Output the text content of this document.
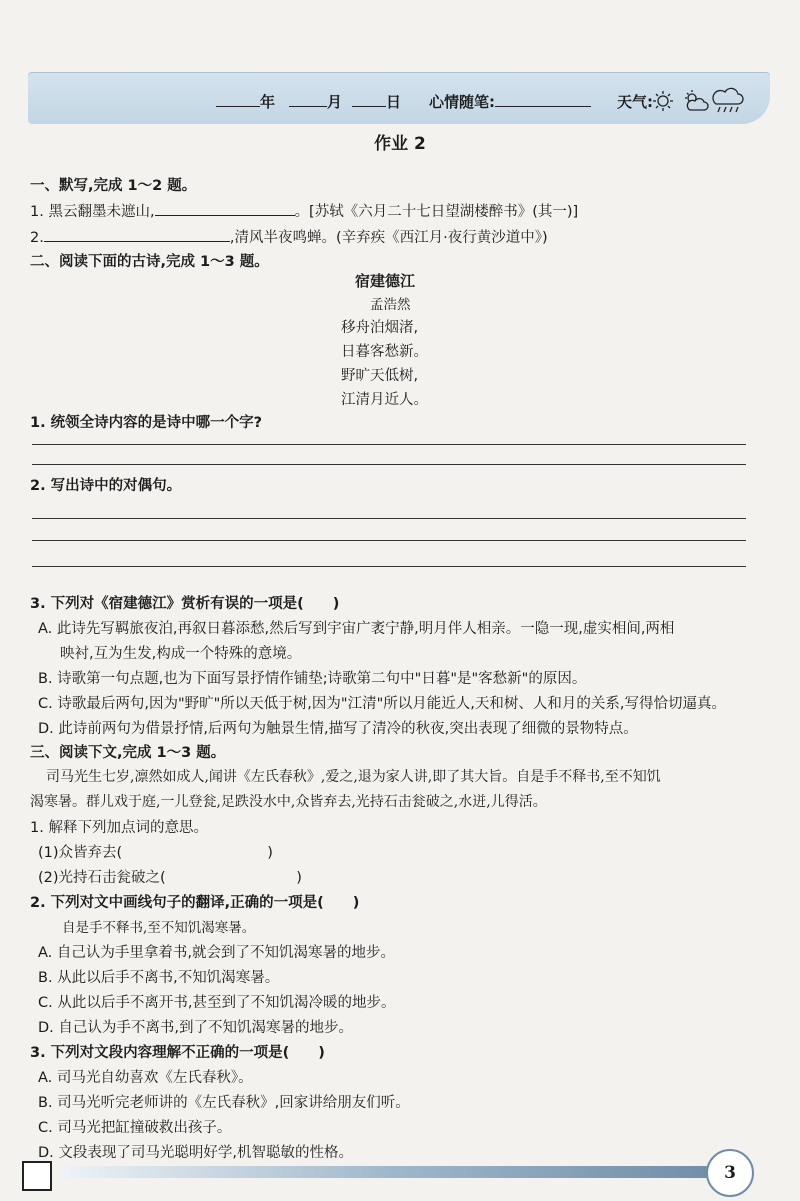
年	月	日 心情随笔:	天气:
作业 2
一、默写,完成 1～2 题。
1. 黑云翻墨未遮山,	。[苏轼《六月二十七日望湖楼醉书》(其一)]
2.	,清风半夜鸣蝉。(辛弃疾《西江月·夜行黄沙道中》)
二、阅读下面的古诗,完成 1～3 题。
宿建德江
孟浩然
移舟泊烟渚,
日暮客愁新。
野旷天低树,
江清月近人。
1. 统领全诗内容的是诗中哪一个字?
2. 写出诗中的对偶句。
3. 下列对《宿建德江》赏析有误的一项是(　　)
A. 此诗先写羁旅夜泊,再叙日暮添愁,然后写到宇宙广袤宁静,明月伴人相亲。一隐一现,虚实相间,两相
映衬,互为生发,构成一个特殊的意境。
B. 诗歌第一句点题,也为下面写景抒情作铺垫;诗歌第二句中"日暮"是"客愁新"的原因。
C. 诗歌最后两句,因为"野旷"所以天低于树,因为"江清"所以月能近人,天和树、人和月的关系,写得恰切逼真。
D. 此诗前两句为借景抒情,后两句为触景生情,描写了清冷的秋夜,突出表现了细微的景物特点。
三、阅读下文,完成 1～3 题。
司马光生七岁,凛然如成人,闻讲《左氏春秋》,爱之,退为家人讲,即了其大旨。自是手不释书,至不知饥
渴寒暑。群儿戏于庭,一儿登瓮,足跌没水中,众皆弃去,光持石击瓮破之,水迸,儿得活。
1. 解释下列加点词的意思。
(1)众皆弃去(　　　　　　　　　　)
(2)光持石击瓮破之(　　　　　　　　　)
2. 下列对文中画线句子的翻译,正确的一项是(　　)
自是手不释书,至不知饥渴寒暑。
A. 自己认为手里拿着书,就会到了不知饥渴寒暑的地步。
B. 从此以后手不离书,不知饥渴寒暑。
C. 从此以后手不离开书,甚至到了不知饥渴冷暖的地步。
D. 自己认为手不离书,到了不知饥渴寒暑的地步。
3. 下列对文段内容理解不正确的一项是(　　)
A. 司马光自幼喜欢《左氏春秋》。
B. 司马光听完老师讲的《左氏春秋》,回家讲给朋友们听。
C. 司马光把缸撞破救出孩子。
D. 文段表现了司马光聪明好学,机智聪敏的性格。
3
